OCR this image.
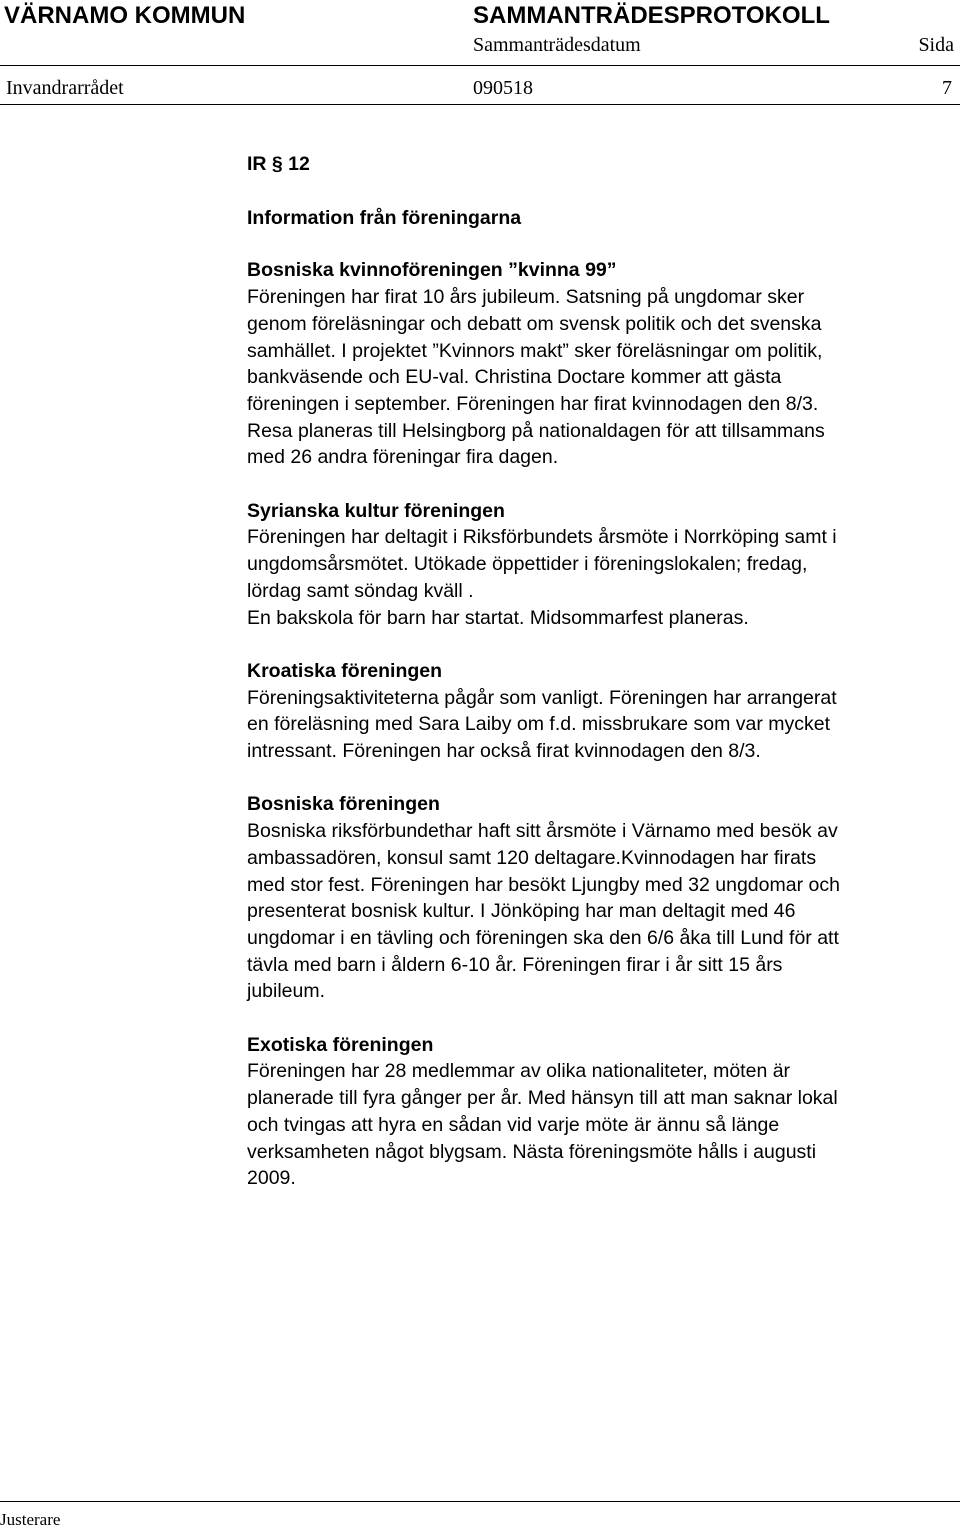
VÄRNAMO KOMMUN	SAMMANTRÄDESPROTOKOLL
Sammanträdesdatum	Sida
Invandrarrådet	090518	7

IR § 12

Information från föreningarna

Bosniska kvinnoföreningen ”kvinna 99”

Föreningen har firat 10 års jubileum. Satsning på ungdomar sker
genom föreläsningar och debatt om svensk politik och det svenska
samhället. I projektet ”Kvinnors makt” sker föreläsningar om politik,
bankväsende och EU-val. Christina Doctare kommer att gästa
föreningen i september. Föreningen har firat kvinnodagen den 8/3.
Resa planeras till Helsingborg på nationaldagen för att tillsammans
med 26 andra föreningar fira dagen.

Syrianska kultur föreningen

Föreningen har deltagit i Riksförbundets årsmöte i Norrköping samt i
ungdomsårsmötet. Utökade öppettider i föreningslokalen; fredag,
lördag samt söndag kväll .
En bakskola för barn har startat. Midsommarfest planeras.

Kroatiska föreningen

Föreningsaktiviteterna pågår som vanligt. Föreningen har arrangerat
en föreläsning med Sara Laiby om f.d. missbrukare som var mycket
intressant. Föreningen har också firat kvinnodagen den 8/3.

Bosniska föreningen

Bosniska riksförbundethar haft sitt årsmöte i Värnamo med besök av
ambassadören, konsul samt 120 deltagare.Kvinnodagen har firats
med stor fest. Föreningen har besökt Ljungby med 32 ungdomar och
presenterat bosnisk kultur. I Jönköping har man deltagit med 46
ungdomar i en tävling och föreningen ska den 6/6 åka till Lund för att
tävla med barn i åldern 6-10 år. Föreningen firar i år sitt 15 års
jubileum.

Exotiska föreningen

Föreningen har 28 medlemmar av olika nationaliteter, möten är
planerade till fyra gånger per år. Med hänsyn till att man saknar lokal
och tvingas att hyra en sådan vid varje möte är ännu så länge
verksamheten något blygsam. Nästa föreningsmöte hålls i augusti
2009.

Justerare
